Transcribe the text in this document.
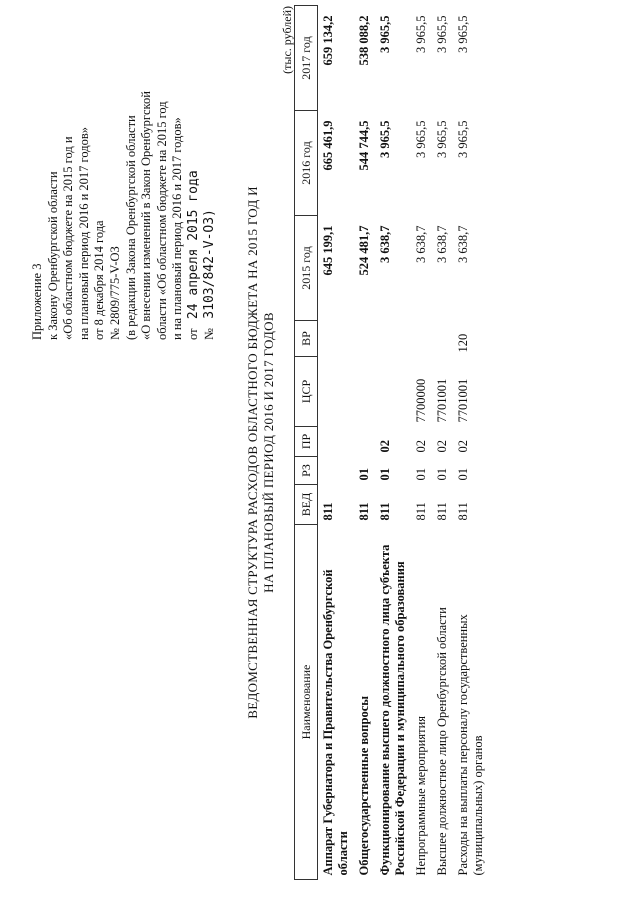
Приложение 3 к Закону Оренбургской области «Об областном бюджете на 2015 год и на плановый период 2016 и 2017 годов» от 8 декабря 2014 года № 2809/775-V-ОЗ (в редакции Закона Оренбургской области «О внесении изменений в Закон Оренбургской области «Об областном бюджете на 2015 год и на плановый период 2016 и 2017 годов» от   24 апреля 2015 года
№   3103/842-V-ОЗ) ВЕДОМСТВЕННАЯ СТРУКТУРА РАСХОДОВ ОБЛАСТНОГО БЮДЖЕТА НА 2015 ГОД И НА ПЛАНОВЫЙ ПЕРИОД 2016 И 2017 ГОДОВ
(тыс. рублей)
Наименование	ВЕД	РЗ	ПР	ЦСР	ВР	2015 год	2016 год	2017 год
Аппарат Губернатора и Правительства Оренбургской области	811					645 199,1	665 461,9	659 134,2
Общегосударственные вопросы	811	01				524 481,7	544 744,5	538 088,2
Функционирование высшего должностного лица субъекта Российской Федерации и муниципального образования	811	01	02			3 638,7	3 965,5	3 965,5
Непрограммные мероприятия	811	01	02	7700000		3 638,7	3 965,5	3 965,5
Высшее должностное лицо Оренбургской области	811	01	02	7701001		3 638,7	3 965,5	3 965,5
Расходы на выплаты персоналу государственных (муниципальных) органов	811	01	02	7701001	120	3 638,7	3 965,5	3 965,5
